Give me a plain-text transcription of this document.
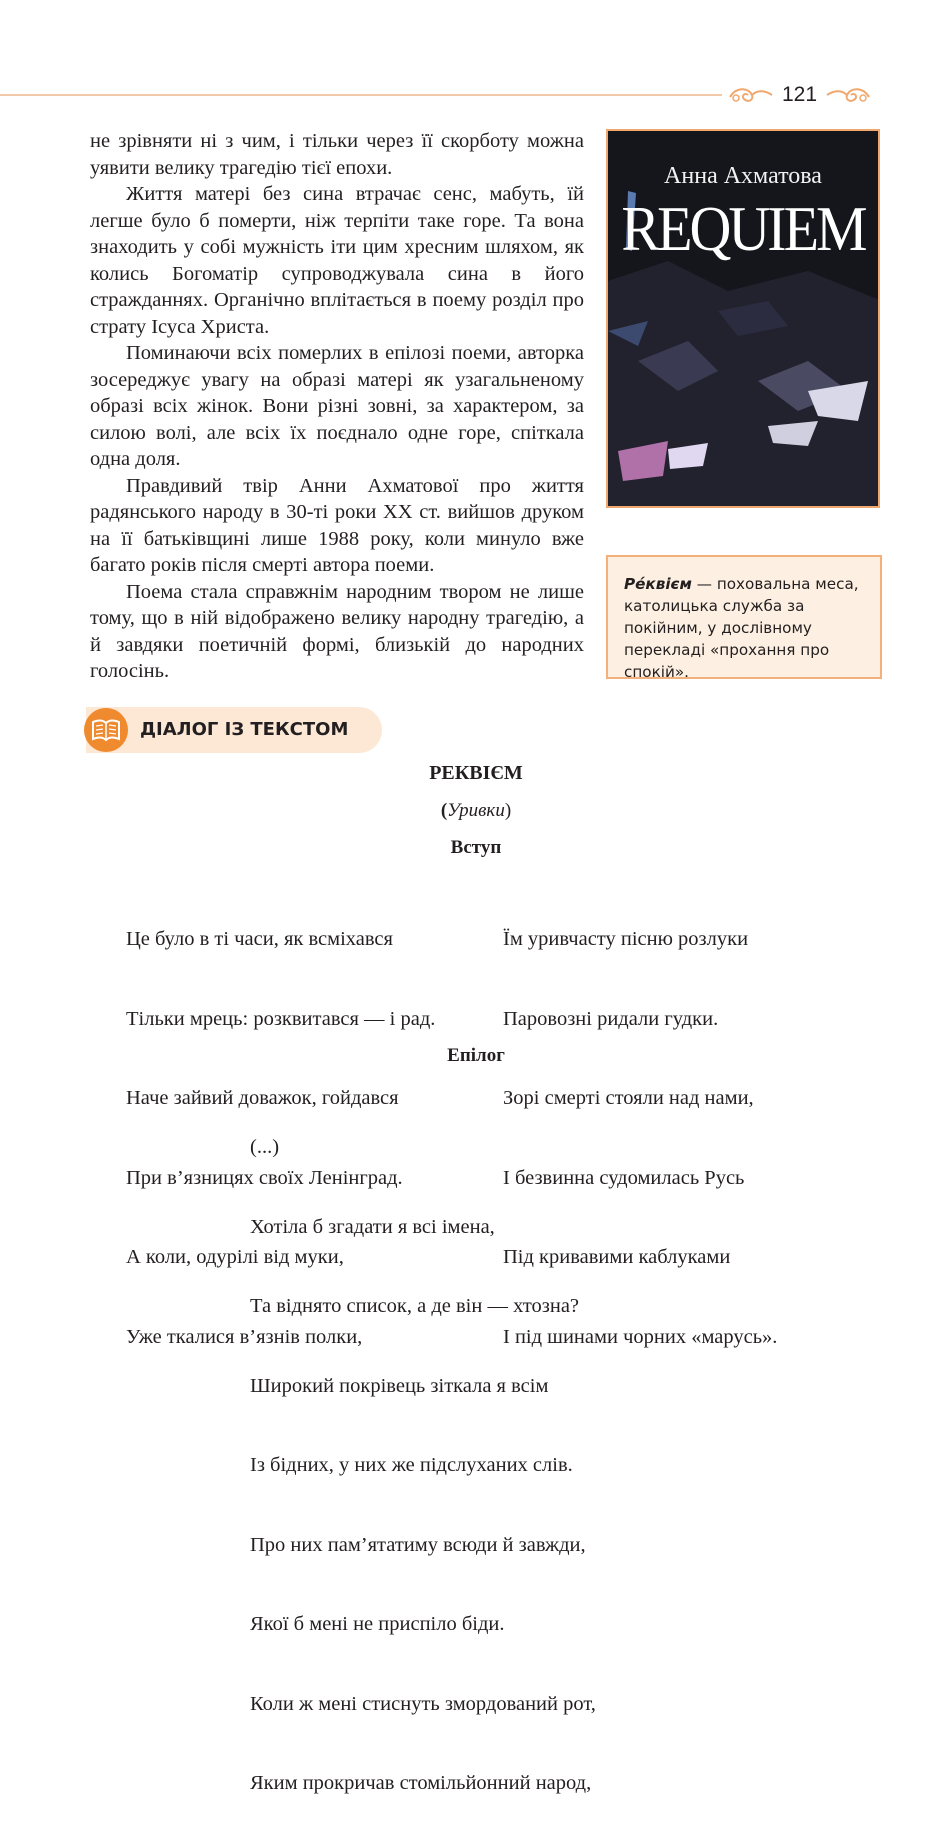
121

не зрівняти ні з чим, і тільки через її скорботу можна уявити велику трагедію тієї епохи.

Життя матері без сина втрачає сенс, мабуть, їй легше було б померти, ніж терпіти таке горе. Та вона знаходить у собі мужність іти цим хресним шляхом, як колись Богоматір супроводжувала сина в його стражданнях. Органічно вплітається в поему розділ про страту Ісуса Христа.

Поминаючи всіх померлих в епілозі поеми, авторка зосереджує увагу на образі матері як узагальненому образі всіх жінок. Вони різні зовні, за характером, за силою волі, але всіх їх поєднало одне горе, спіткала одна доля.

Правдивий твір Анни Ахматової про життя радянського народу в 30-ті роки XX ст. вийшов друком на її батьківщині лише 1988 року, коли минуло вже багато років після смерті автора поеми.

Поема стала справжнім народним твором не лише тому, що в ній відображено велику народну трагедію, а й завдяки поетичній формі, близькій до народних голосінь.

Анна Ахматова
REQUIEM
Ре́квієм — поховальна меса, католицька служба за покійним, у дослівному перекладі «прохання про спокій».
ДІАЛОГ ІЗ ТЕКСТОМ
РЕКВІЄМ
(Уривки)
Вступ

Це було в ті часи, як всміхався

Тільки мрець: розквитався — і рад.

Наче зайвий доважок, гойдався

При в’язницях своїх Ленінград.

А коли, одурілі від муки,

Уже ткалися в’язнів полки,

Їм уривчасту пісню розлуки

Паровозні ридали гудки.

Зорі смерті стояли над нами,

І безвинна судомилась Русь

Під кривавими каблуками

І під шинами чорних «марусь».

Епілог

(...)

Хотіла б згадати я всі імена,

Та віднято список, а де він — хтозна?

Широкий покрівець зіткала я всім

Із бідних, у них же підслуханих слів.

Про них пам’ятатиму всюди й завжди,

Якої б мені не приспіло біди.

Коли ж мені стиснуть змордований рот,

Яким прокричав стомільйонний народ,
